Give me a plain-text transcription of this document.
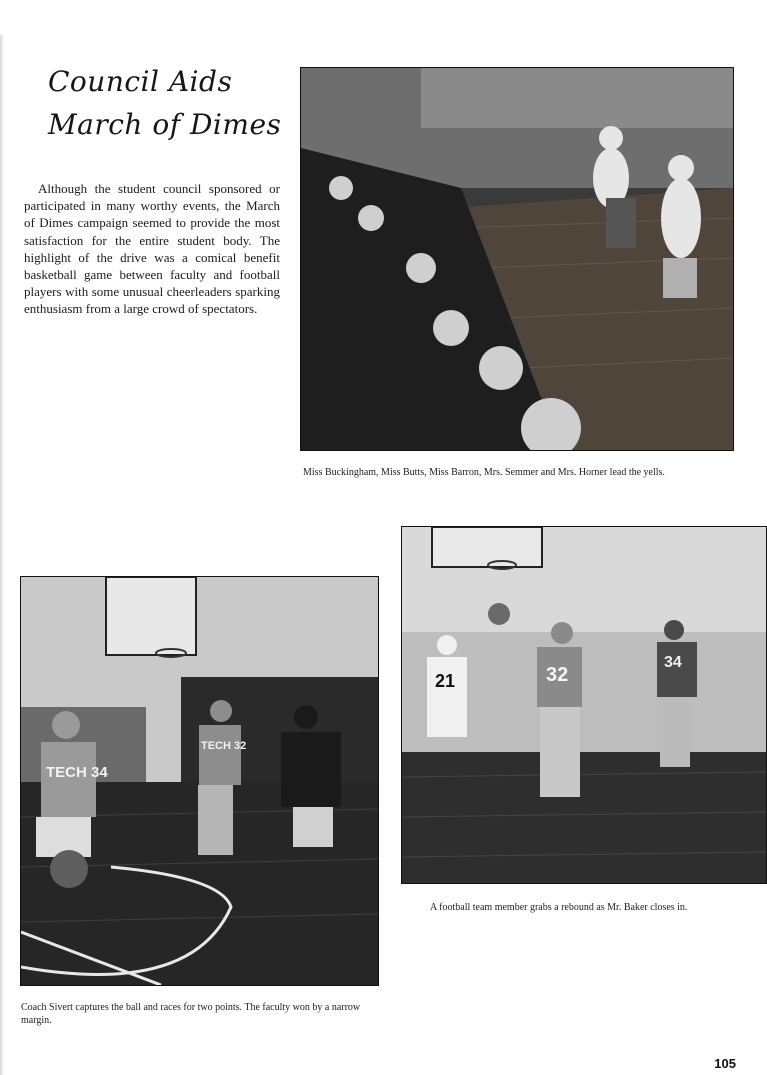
Council Aids
March of Dimes

Although the student council sponsored or participated in many worthy events, the March of Dimes campaign seemed to provide the most satisfaction for the entire student body. The highlight of the drive was a comical benefit basketball game between faculty and football players with some unusual cheerleaders sparking enthusiasm from a large crowd of spectators.

Miss Buckingham, Miss Butts, Miss Barron, Mrs. Semmer and Mrs. Horner lead the yells.

21	32
34

A football team member grabs a rebound as Mr. Baker closes in.

TECH 34
TECH 32

Coach Sivert captures the ball and races for two points. The faculty won by a narrow margin.

105
